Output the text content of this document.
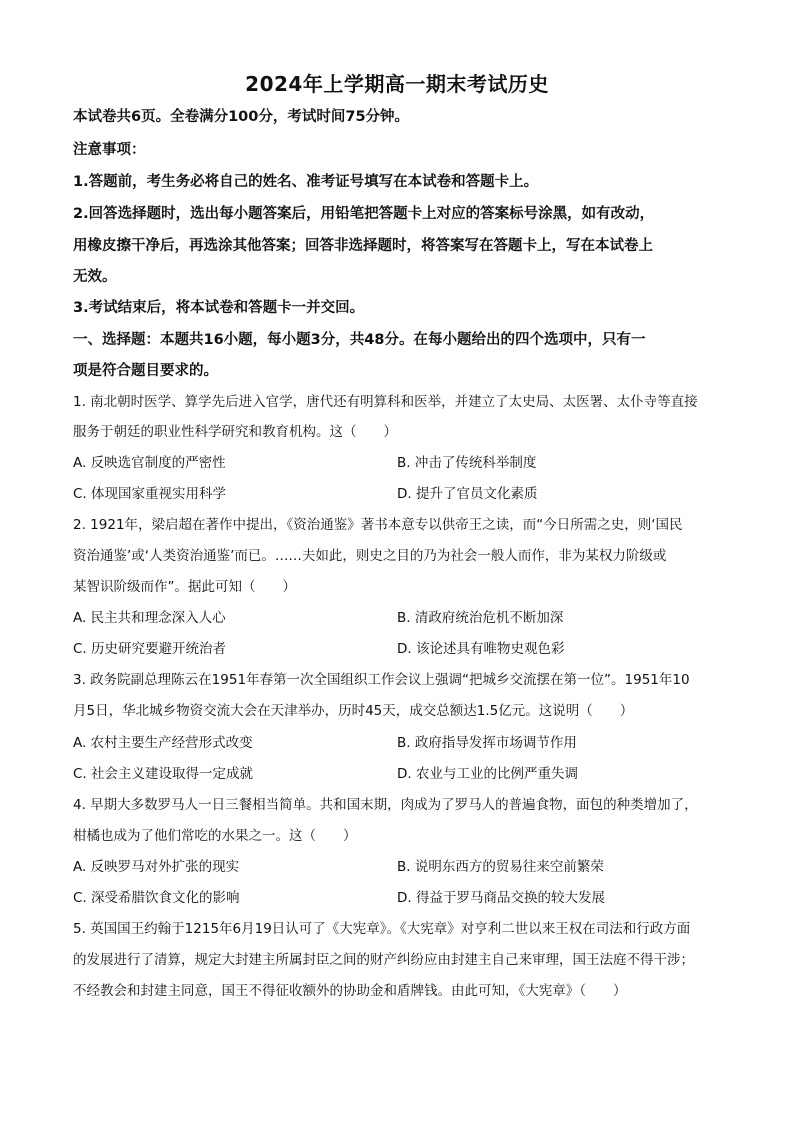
2024年上学期高一期末考试历史
本试卷共6页。全卷满分100分，考试时间75分钟。
注意事项：
1.答题前，考生务必将自己的姓名、准考证号填写在本试卷和答题卡上。
2.回答选择题时，选出每小题答案后，用铅笔把答题卡上对应的答案标号涂黑，如有改动，
用橡皮擦干净后，再选涂其他答案；回答非选择题时，将答案写在答题卡上，写在本试卷上
无效。
3.考试结束后，将本试卷和答题卡一并交回。
一、选择题：本题共16小题，每小题3分，共48分。在每小题给出的四个选项中，只有一
项是符合题目要求的。
1. 南北朝时医学、算学先后进入官学，唐代还有明算科和医举，并建立了太史局、太医署、太仆寺等直接
服务于朝廷的职业性科学研究和教育机构。这（　　）
A. 反映选官制度的严密性	B. 冲击了传统科举制度
C. 体现国家重视实用科学	D. 提升了官员文化素质
2. 1921年，梁启超在著作中提出，《资治通鉴》著书本意专以供帝王之读，而“今日所需之史，则‘国民
资治通鉴’或‘人类资治通鉴’而已。……夫如此，则史之目的乃为社会一般人而作，非为某权力阶级或
某智识阶级而作”。据此可知（　　）
A. 民主共和理念深入人心	B. 清政府统治危机不断加深
C. 历史研究要避开统治者	D. 该论述具有唯物史观色彩
3. 政务院副总理陈云在1951年春第一次全国组织工作会议上强调“把城乡交流摆在第一位”。1951年10
月5日，华北城乡物资交流大会在天津举办，历时45天，成交总额达1.5亿元。这说明（　　）
A. 农村主要生产经营形式改变	B. 政府指导发挥市场调节作用
C. 社会主义建设取得一定成就	D. 农业与工业的比例严重失调
4. 早期大多数罗马人一日三餐相当简单。共和国末期，肉成为了罗马人的普遍食物，面包的种类增加了，
柑橘也成为了他们常吃的水果之一。这（　　）
A. 反映罗马对外扩张的现实	B. 说明东西方的贸易往来空前繁荣
C. 深受希腊饮食文化的影响	D. 得益于罗马商品交换的较大发展
5. 英国国王约翰于1215年6月19日认可了《大宪章》。《大宪章》对亨利二世以来王权在司法和行政方面
的发展进行了清算，规定大封建主所属封臣之间的财产纠纷应由封建主自己来审理，国王法庭不得干涉；
不经教会和封建主同意，国王不得征收额外的协助金和盾牌钱。由此可知，《大宪章》（　　）
